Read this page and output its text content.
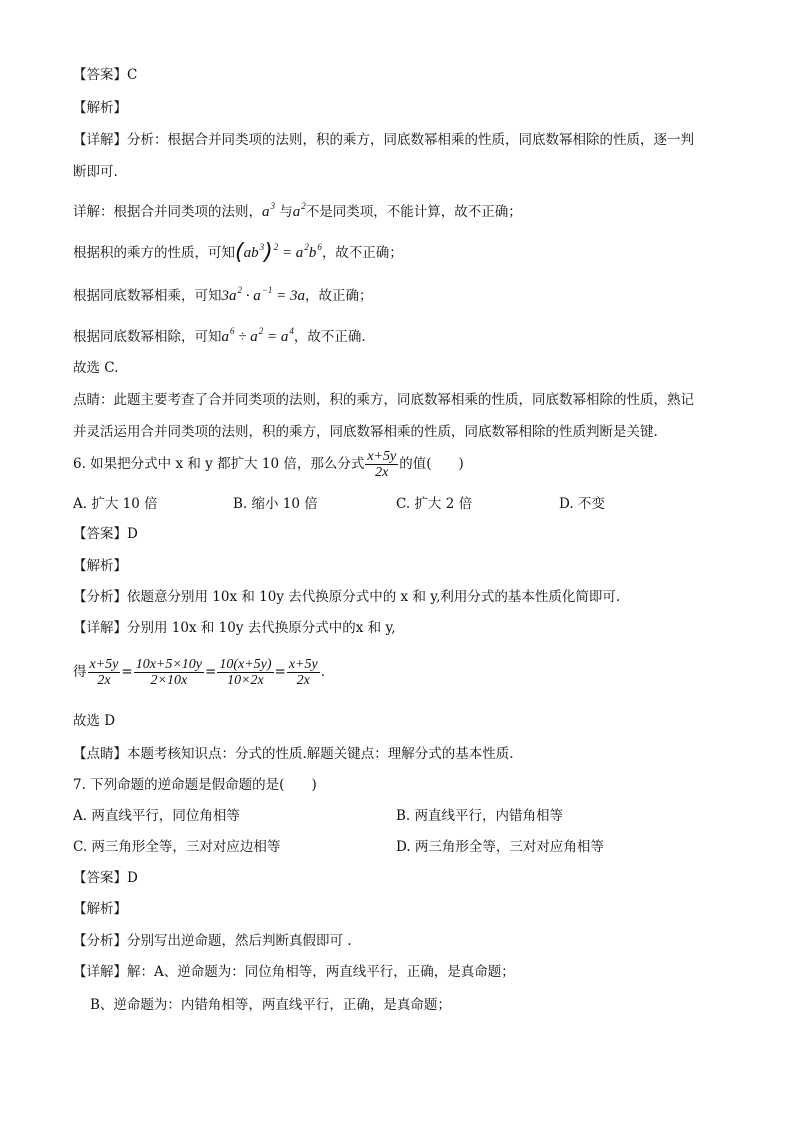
【答案】C
【解析】
【详解】分析：根据合并同类项的法则，积的乘方，同底数幂相乘的性质，同底数幂相除的性质，逐一判
断即可.
详解：根据合并同类项的法则，$a^3$ 与$a^2$不是同类项，不能计算，故不正确；
根据积的乘方的性质，可知$(ab^3)^2 = a^2b^6$，故不正确；
根据同底数幂相乘，可知$3a^2 \cdot a^{-1} = 3a$，故正确；
根据同底数幂相除，可知$a^6 \div a^2 = a^4$，故不正确.
故选 C.
点睛：此题主要考查了合并同类项的法则，积的乘方，同底数幂相乘的性质，同底数幂相除的性质，熟记
并灵活运用合并同类项的法则，积的乘方，同底数幂相乘的性质，同底数幂相除的性质判断是关键.
6. 如果把分式中 x 和 y 都扩大 10 倍，那么分式 $\frac{x+5y}{2x}$ 的值(　　)
A. 扩大 10 倍	B. 缩小 10 倍	C. 扩大 2 倍	D. 不变
【答案】D
【解析】
【分析】依题意分别用 10x 和 10y 去代换原分式中的 x 和 y,利用分式的基本性质化简即可.
【详解】分别用 10x 和 10y 去代换原分式中的x 和 y,
得 $\frac{x+5y}{2x} = \frac{10x+5\times 10y}{2\times 10x} = \frac{10(x+5y)}{10\times 2x} = \frac{x+5y}{2x}$ .
故选 D
【点睛】本题考核知识点：分式的性质.解题关键点：理解分式的基本性质.
7. 下列命题的逆命题是假命题的是(　　)
A. 两直线平行，同位角相等	B. 两直线平行，内错角相等
C. 两三角形全等，三对对应边相等	D. 两三角形全等，三对对应角相等
【答案】D
【解析】
【分析】分别写出逆命题，然后判断真假即可 .
【详解】解：A、逆命题为：同位角相等，两直线平行，正确，是真命题；
B、逆命题为：内错角相等，两直线平行，正确，是真命题；
